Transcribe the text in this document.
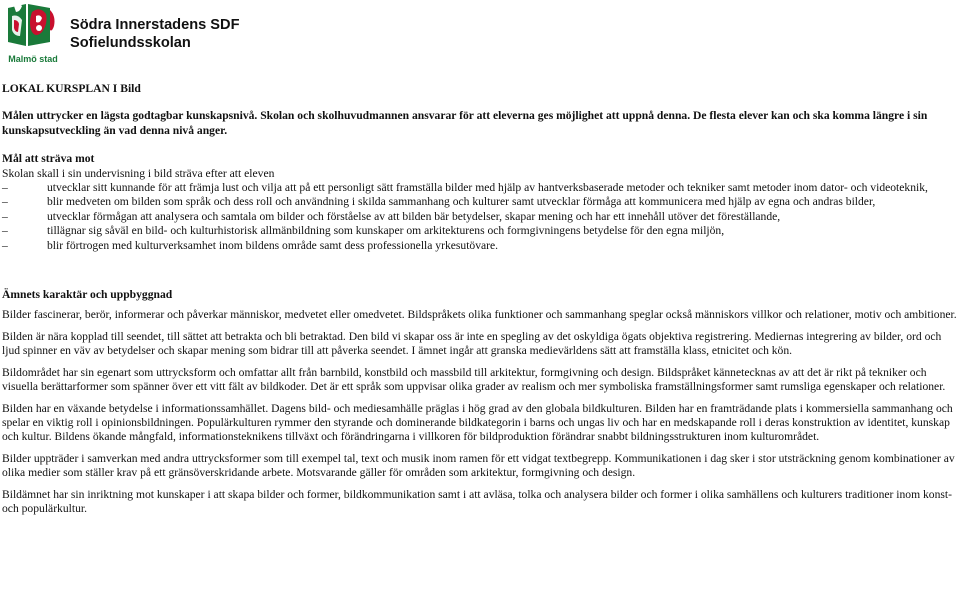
Malmö stad
Södra Innerstadens SDF
Sofielundsskolan

LOKAL KURSPLAN I Bild

Målen uttrycker en lägsta godtagbar kunskapsnivå. Skolan och skolhuvudmannen ansvarar för att eleverna ges möjlighet att uppnå denna. De flesta elever kan och ska komma längre i sin kunskapsutveckling än vad denna nivå anger.

Mål att sträva mot

Skolan skall i sin undervisning i bild sträva efter att eleven

–	utvecklar sitt kunnande för att främja lust och vilja att på ett personligt sätt framställa bilder med hjälp av hantverksbaserade metoder och tekniker samt metoder inom dator- och videoteknik,
–	blir medveten om bilden som språk och dess roll och användning i skilda sammanhang och kulturer samt utvecklar förmåga att kommunicera med hjälp av egna och andras bilder,
–	utvecklar förmågan att analysera och samtala om bilder och förståelse av att bilden bär betydelser, skapar mening och har ett innehåll utöver det föreställande,
–	tillägnar sig såväl en bild- och kulturhistorisk allmänbildning som kunskaper om arkitekturens och formgivningens betydelse för den egna miljön,
–	blir förtrogen med kulturverksamhet inom bildens område samt dess professionella yrkesutövare.

Ämnets karaktär och uppbyggnad

Bilder fascinerar, berör, informerar och påverkar människor, medvetet eller omedvetet. Bildspråkets olika funktioner och sammanhang speglar också människors villkor och relationer, motiv och ambitioner.

Bilden är nära kopplad till seendet, till sättet att betrakta och bli betraktad. Den bild vi skapar oss är inte en spegling av det oskyldiga ögats objektiva registrering. Mediernas integrering av bilder, ord och ljud spinner en väv av betydelser och skapar mening som bidrar till att påverka seendet. I ämnet ingår att granska medievärldens sätt att framställa klass, etnicitet och kön.

Bildområdet har sin egenart som uttrycksform och omfattar allt från barnbild, konstbild och massbild till arkitektur, formgivning och design. Bildspråket kännetecknas av att det är rikt på tekniker och visuella berättarformer som spänner över ett vitt fält av bildkoder. Det är ett språk som uppvisar olika grader av realism och mer symboliska framställningsformer samt rumsliga egenskaper och relationer.

Bilden har en växande betydelse i informationssamhället. Dagens bild- och mediesamhälle präglas i hög grad av den globala bildkulturen. Bilden har en framträdande plats i kommersiella sammanhang och spelar en viktig roll i opinionsbildningen. Populärkulturen rymmer den styrande och dominerande bildkategorin i barns och ungas liv och har en medskapande roll i deras konstruktion av identitet, kunskap och kultur. Bildens ökande mångfald, informationsteknikens tillväxt och förändringarna i villkoren för bildproduktion förändrar snabbt bildningsstrukturen inom kulturområdet.

Bilder uppträder i samverkan med andra uttrycksformer som till exempel tal, text och musik inom ramen för ett vidgat textbegrepp. Kommunikationen i dag sker i stor utsträckning genom kombinationer av olika medier som ställer krav på ett gränsöverskridande arbete. Motsvarande gäller för områden som arkitektur, formgivning och design.

Bildämnet har sin inriktning mot kunskaper i att skapa bilder och former, bildkommunikation samt i att avläsa, tolka och analysera bilder och former i olika samhällens och kulturers traditioner inom konst- och populärkultur.
